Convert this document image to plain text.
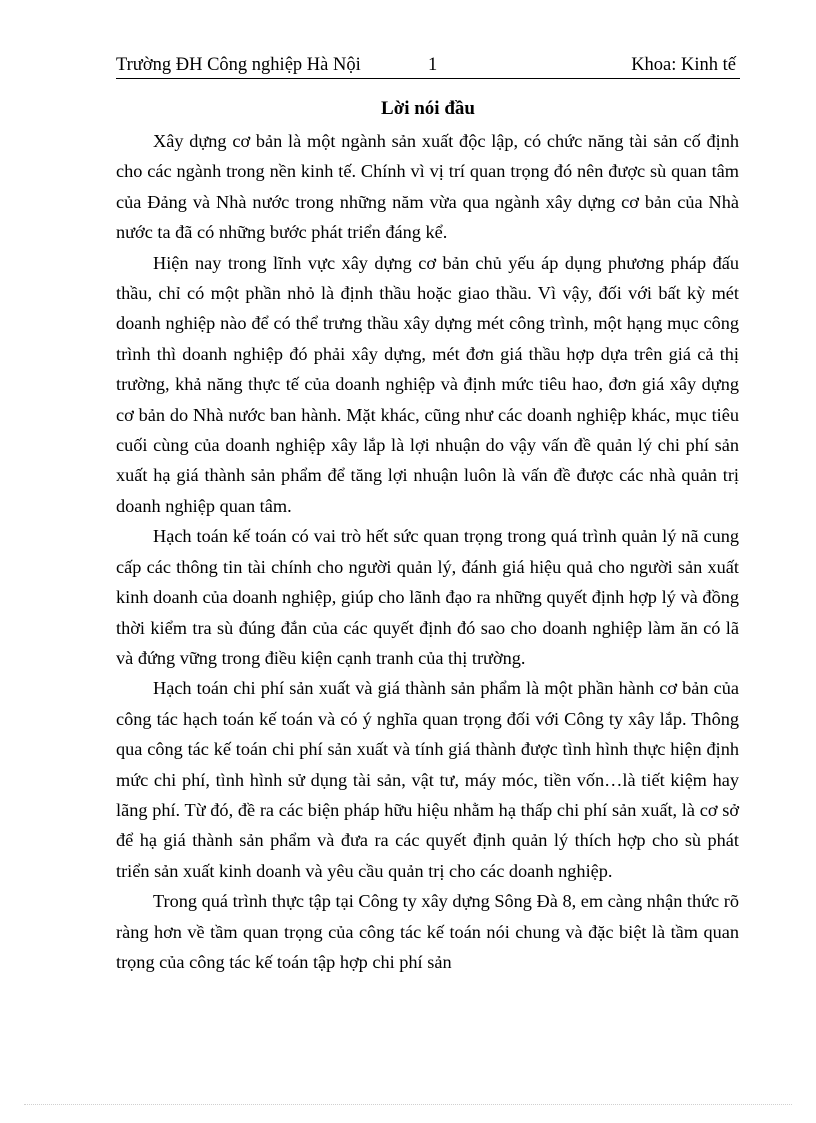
Trường ĐH Công nghiệp Hà Nội	1	Khoa: Kinh tế
Lời nói đầu

Xây dựng cơ bản là một ngành sản xuất độc lập, có chức năng tài sản cố định cho các ngành trong nền kinh tế. Chính vì vị trí quan trọng đó nên được sù quan tâm của Đảng và Nhà nước trong những năm vừa qua ngành xây dựng cơ bản của Nhà nước ta đã có những bước phát triển đáng kể.

Hiện nay trong lĩnh vực xây dựng cơ bản chủ yếu áp dụng phương pháp đấu thầu, chỉ có một phần nhỏ là định thầu hoặc giao thầu. Vì vậy, đối với bất kỳ mét doanh nghiệp nào để có thể trưng thầu xây dựng mét công trình, một hạng mục công trình thì doanh nghiệp đó phải xây dựng, mét đơn giá thầu hợp dựa trên giá cả thị trường, khả năng thực tế của doanh nghiệp và định mức tiêu hao, đơn giá xây dựng cơ bản do Nhà nước ban hành. Mặt khác, cũng như các doanh nghiệp khác, mục tiêu cuối cùng của doanh nghiệp xây lắp là lợi nhuận do vậy vấn đề quản lý chi phí sản xuất hạ giá thành sản phẩm để tăng lợi nhuận luôn là vấn đề được các nhà quản trị doanh nghiệp quan tâm.

Hạch toán kế toán có vai trò hết sức quan trọng trong quá trình quản lý nã cung cấp các thông tin tài chính cho người quản lý, đánh giá hiệu quả cho người sản xuất kinh doanh của doanh nghiệp, giúp cho lãnh đạo ra những quyết định hợp lý và đồng thời kiểm tra sù đúng đắn của các quyết định đó sao cho doanh nghiệp làm ăn có lã và đứng vững trong điều kiện cạnh tranh của thị trường.

Hạch toán chi phí sản xuất và giá thành sản phẩm là một phần hành cơ bản của công tác hạch toán kế toán và có ý nghĩa quan trọng đối với Công ty xây lắp. Thông qua công tác kế toán chi phí sản xuất và tính giá thành được tình hình thực hiện định mức chi phí, tình hình sử dụng tài sản, vật tư, máy móc, tiền vốn…là tiết kiệm hay lãng phí. Từ đó, đề ra các biện pháp hữu hiệu nhằm hạ thấp chi phí sản xuất, là cơ sở để hạ giá thành sản phẩm và đưa ra các quyết định quản lý thích hợp cho sù phát triển sản xuất kinh doanh và yêu cầu quản trị cho các doanh nghiệp.

Trong quá trình thực tập tại Công ty xây dựng Sông Đà 8, em càng nhận thức rõ ràng hơn về tầm quan trọng của công tác kế toán nói chung và đặc biệt là tầm quan trọng của công tác kế toán tập hợp chi phí sản
